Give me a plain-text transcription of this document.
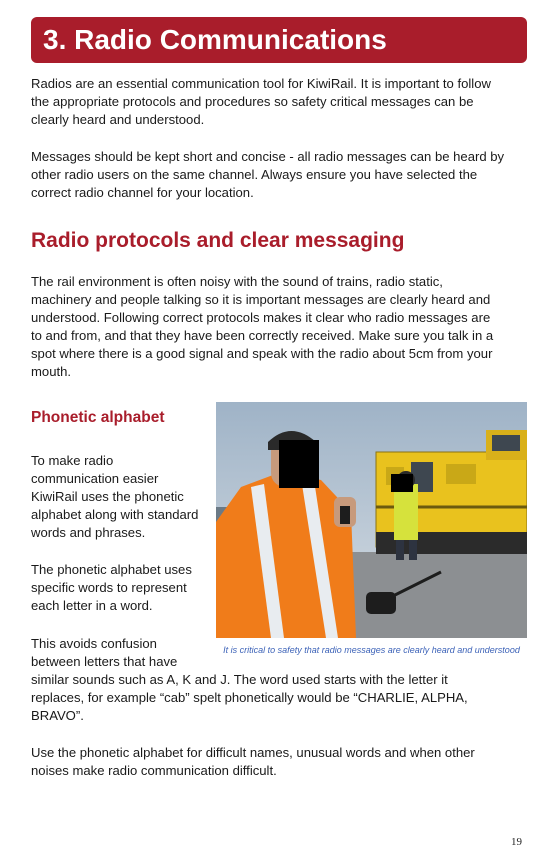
3. Radio Communications
Radios are an essential communication tool for KiwiRail. It is important to follow
the appropriate protocols and procedures so safety critical messages can be
clearly heard and understood.
Messages should be kept short and concise - all radio messages can be heard by
other radio users on the same channel. Always ensure you have selected the
correct radio channel for your location.
Radio protocols and clear messaging
The rail environment is often noisy with the sound of trains, radio static,
machinery and people talking so it is important messages are clearly heard and
understood. Following correct protocols makes it clear who radio messages are
to and from, and that they have been correctly received. Make sure you talk in a
spot where there is a good signal and speak with the radio about 5cm from your
mouth.
Phonetic alphabet
To make radio
communication easier
KiwiRail uses the phonetic
alphabet along with standard
words and phrases.
The phonetic alphabet uses
specific words to represent
each letter in a word.
This avoids confusion
between letters that have
similar sounds such as A, K and J. The word used starts with the letter it
replaces, for example “cab” spelt phonetically would be “CHARLIE, ALPHA,
BRAVO”.
Use the phonetic alphabet for difficult names, unusual words and when other
noises make radio communication difficult.
It is critical to safety that radio messages are clearly heard and understood
19
